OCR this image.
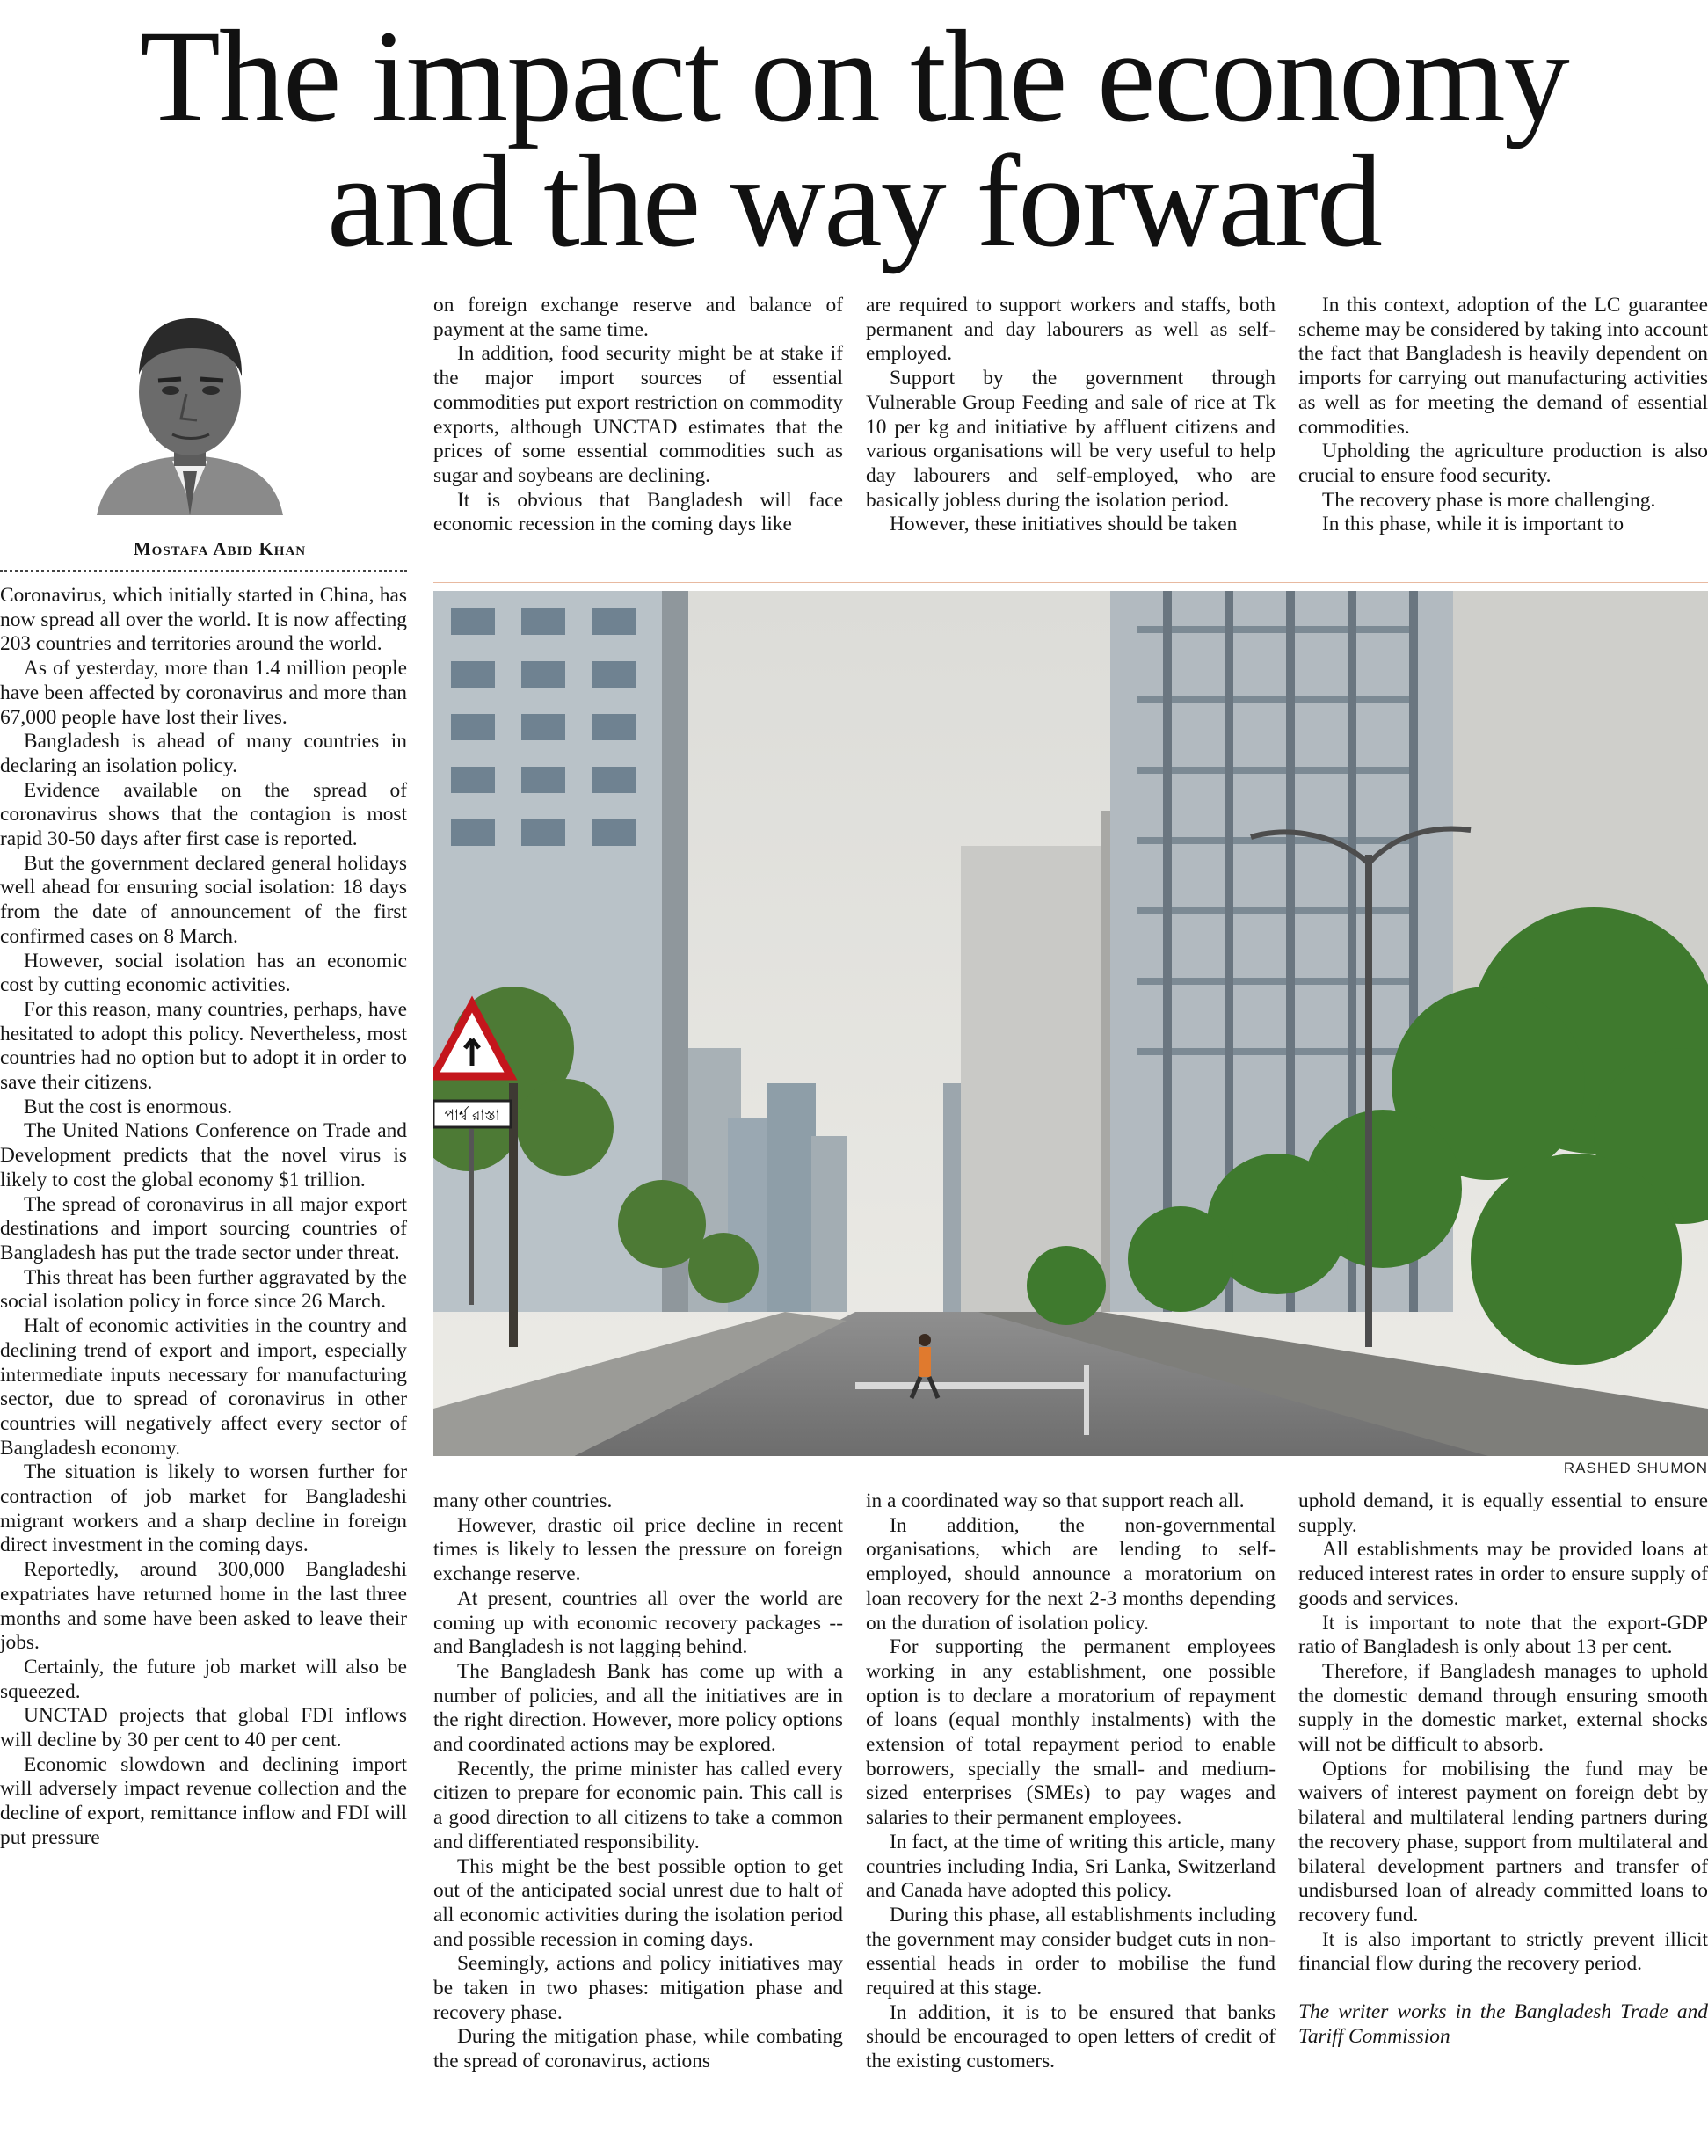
The impact on the economy
and the way forward
Mostafa Abid Khan

Coronavirus, which initially started in China, has now spread all over the world. It is now affecting 203 countries and territories around the world.

As of yesterday, more than 1.4 million people have been affected by coronavirus and more than 67,000 people have lost their lives.

Bangladesh is ahead of many countries in declaring an isolation policy.

Evidence available on the spread of coronavirus shows that the contagion is most rapid 30-50 days after first case is reported.

But the government declared general holidays well ahead for ensuring social isolation: 18 days from the date of announcement of the first confirmed cases on 8 March.

However, social isolation has an economic cost by cutting economic activities.

For this reason, many countries, perhaps, have hesitated to adopt this policy. Nevertheless, most countries had no option but to adopt it in order to save their citizens.

But the cost is enormous.

The United Nations Conference on Trade and Development predicts that the novel virus is likely to cost the global economy $1 trillion.

The spread of coronavirus in all major export destinations and import sourcing countries of Bangladesh has put the trade sector under threat.

This threat has been further aggravated by the social isolation policy in force since 26 March.

Halt of economic activities in the country and declining trend of export and import, especially intermediate inputs necessary for manufacturing sector, due to spread of coronavirus in other countries will negatively affect every sector of Bangladesh economy.

The situation is likely to worsen further for contraction of job market for Bangladeshi migrant workers and a sharp decline in foreign direct investment in the coming days.

Reportedly, around 300,000 Bangladeshi expatriates have returned home in the last three months and some have been asked to leave their jobs.

Certainly, the future job market will also be squeezed.

UNCTAD projects that global FDI inflows will decline by 30 per cent to 40 per cent.

Economic slowdown and declining import will adversely impact revenue collection and the decline of export, remittance inflow and FDI will put pressure

on foreign exchange reserve and balance of payment at the same time.

In addition, food security might be at stake if the major import sources of essential commodities put export restriction on commodity exports, although UNCTAD estimates that the prices of some essential commodities such as sugar and soybeans are declining.

It is obvious that Bangladesh will face economic recession in the coming days like

are required to support workers and staffs, both permanent and day labourers as well as self-employed.

Support by the government through Vulnerable Group Feeding and sale of rice at Tk 10 per kg and initiative by affluent citizens and various organisations will be very useful to help day labourers and self-employed, who are basically jobless during the isolation period.

However, these initiatives should be taken

In this context, adoption of the LC guarantee scheme may be considered by taking into account the fact that Bangladesh is heavily dependent on imports for carrying out manufacturing activities as well as for meeting the demand of essential commodities.

Upholding the agriculture production is also crucial to ensure food security.

The recovery phase is more challenging.

In this phase, while it is important to

পার্শ্ব রাস্তা
RASHED SHUMON

many other countries.

However, drastic oil price decline in recent times is likely to lessen the pressure on foreign exchange reserve.

At present, countries all over the world are coming up with economic recovery packages -- and Bangladesh is not lagging behind.

The Bangladesh Bank has come up with a number of policies, and all the initiatives are in the right direction. However, more policy options and coordinated actions may be explored.

Recently, the prime minister has called every citizen to prepare for economic pain. This call is a good direction to all citizens to take a common and differentiated responsibility.

This might be the best possible option to get out of the anticipated social unrest due to halt of all economic activities during the isolation period and possible recession in coming days.

Seemingly, actions and policy initiatives may be taken in two phases: mitigation phase and recovery phase.

During the mitigation phase, while combating the spread of coronavirus, actions

in a coordinated way so that support reach all.

In addition, the non-governmental organisations, which are lending to self-employed, should announce a moratorium on loan recovery for the next 2-3 months depending on the duration of isolation policy.

For supporting the permanent employees working in any establishment, one possible option is to declare a moratorium of repayment of loans (equal monthly instalments) with the extension of total repayment period to enable borrowers, specially the small- and medium-sized enterprises (SMEs) to pay wages and salaries to their permanent employees.

In fact, at the time of writing this article, many countries including India, Sri Lanka, Switzerland and Canada have adopted this policy.

During this phase, all establishments including the government may consider budget cuts in non-essential heads in order to mobilise the fund required at this stage.

In addition, it is to be ensured that banks should be encouraged to open letters of credit of the existing customers.

uphold demand, it is equally essential to ensure supply.

All establishments may be provided loans at reduced interest rates in order to ensure supply of goods and services.

It is important to note that the export-GDP ratio of Bangladesh is only about 13 per cent.

Therefore, if Bangladesh manages to uphold the domestic demand through ensuring smooth supply in the domestic market, external shocks will not be difficult to absorb.

Options for mobilising the fund may be waivers of interest payment on foreign debt by bilateral and multilateral lending partners during the recovery phase, support from multilateral and bilateral development partners and transfer of undisbursed loan of already committed loans to recovery fund.

It is also important to strictly prevent illicit financial flow during the recovery period.

The writer works in the Bangladesh Trade and Tariff Commission
